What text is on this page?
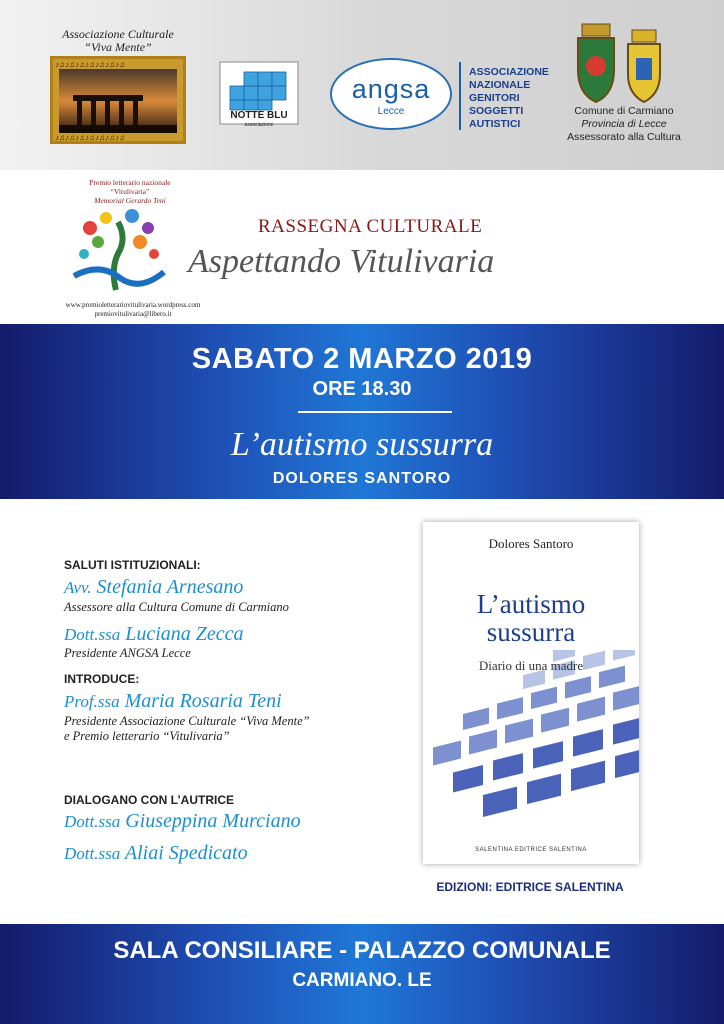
Associazione Culturale
“Viva Mente”
♪♫♪♫♪♫♪♫♪♫♪♫♪♫
♪♫♪♫♪♫♪♫♪♫♪♫♪♫
NOTTE BLU
associazione
angsa
Lecce
ASSOCIAZIONE
NAZIONALE
GENITORI
SOGGETTI
AUTISTICI
Comune di Carmiano
Provincia di Lecce
Assessorato alla Cultura
Premio letterario nazionale
“Vitulivaria”
Memorial Gerardo Teni
www.premioletterariovitulivaria.wordpress.com
premiovitulivaria@libero.it
RASSEGNA CULTURALE
Aspettando Vitulivaria
SABATO 2 MARZO 2019
ORE 18.30
L’autismo sussurra
DOLORES SANTORO
SALUTI ISTITUZIONALI:
Avv. Stefania Arnesano
Assessore alla Cultura Comune di Carmiano
Dott.ssa Luciana Zecca
Presidente ANGSA Lecce
INTRODUCE:
Prof.ssa Maria Rosaria Teni
Presidente Associazione Culturale “Viva Mente”
e Premio letterario “Vitulivaria”
DIALOGANO CON L’AUTRICE
Dott.ssa Giuseppina Murciano
Dott.ssa Aliai Spedicato
Dolores Santoro
L’autismo
sussurra
Diario di una madre
SALENTINA EDITRICE SALENTINA
EDIZIONI: EDITRICE SALENTINA
SALA CONSILIARE - PALAZZO COMUNALE
CARMIANO. LE
